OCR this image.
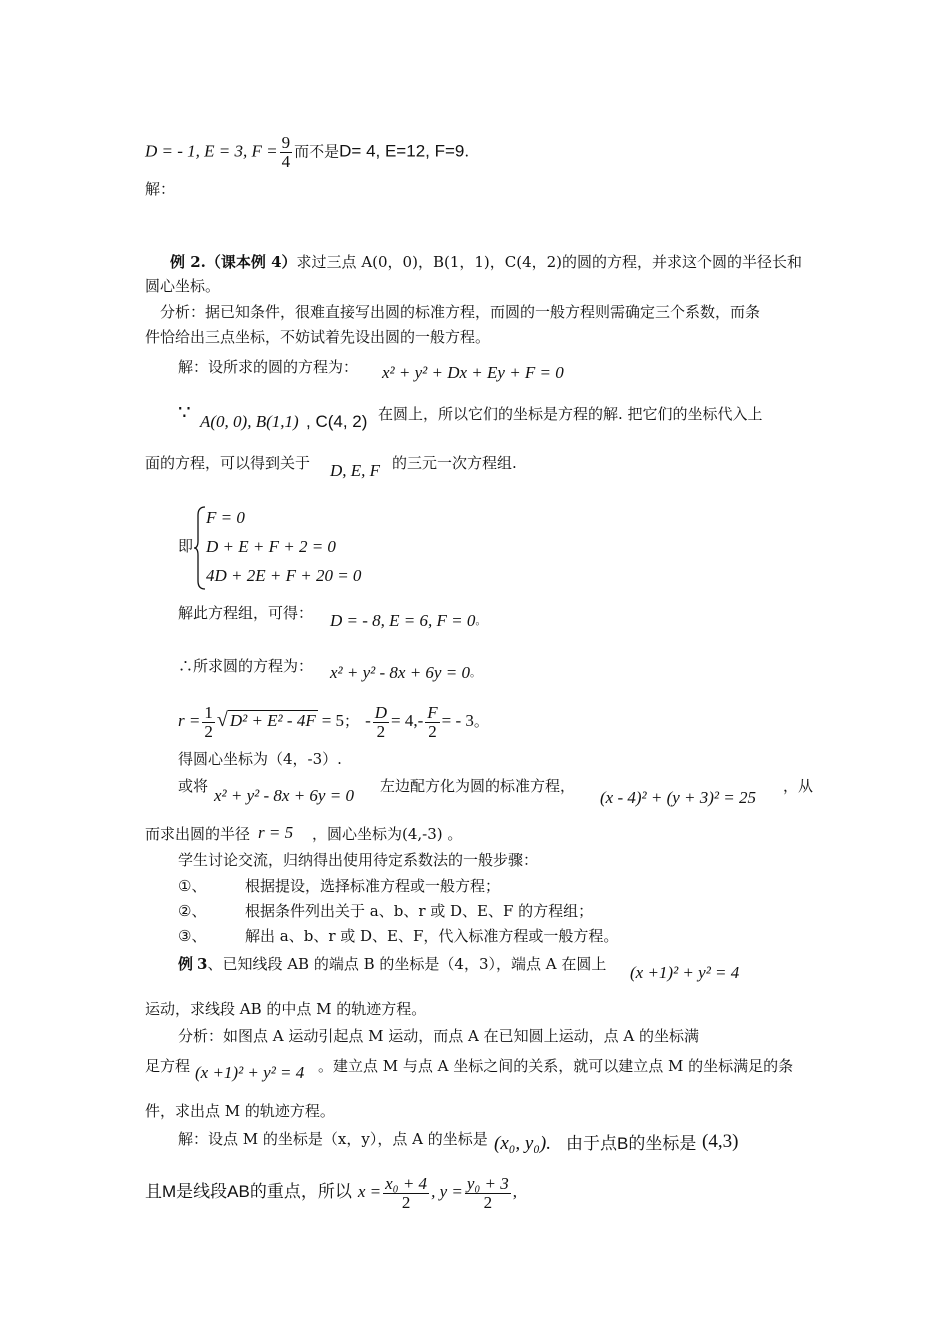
D = - 1, E = 3, $F = \frac{9}{4}$ 而不是D= 4, E=12, F=9.
解：
例 2.（课本例 4）求过三点 A(0，0)，B(1，1)，C(4，2)的圆的方程，并求这个圆的半径长和
圆心坐标。
分析：据已知条件，很难直接写出圆的标准方程，而圆的一般方程则需确定三个系数，而条
件恰给出三点坐标，不妨试着先设出圆的一般方程。
解：设所求的圆的方程为： x² + y² + Dx + Ey + F = 0
∵ A(0, 0), B(1,1) , C(4, 2) 在圆上，所以它们的坐标是方程的解. 把它们的坐标代入上
面的方程，可以得到关于 D, E, F 的三元一次方程组.
即
F = 0
D + E + F + 2 = 0
4D + 2E + F + 20 = 0
解此方程组，可得： D = - 8, E = 6, F = 0。
∴所求圆的方程为： x² + y² - 8x + 6y = 0。
$r = \frac{1}{2}$ √ D² + E² - 4F = 5； - $\frac{D}{2} = 4,- \frac{F}{2}$ = - 3。
得圆心坐标为（4，-3）.
或将 x² + y² - 8x + 6y = 0 左边配方化为圆的标准方程，
(x - 4)² + (y + 3)² = 25
，从
而求出圆的半径 r = 5 ，圆心坐标为(4,-3) 。
学生讨论交流，归纳得出使用待定系数法的一般步骤：
①、	根据提设，选择标准方程或一般方程；
②、	根据条件列出关于 a、b、r 或 D、E、F 的方程组；
③、	解出 a、b、r 或 D、E、F，代入标准方程或一般方程。
例 3、已知线段 AB 的端点 B 的坐标是（4，3），端点 A 在圆上 (x +1)² + y² = 4
运动，求线段 AB 的中点 M 的轨迹方程。
分析：如图点 A 运动引起点 M 运动，而点 A 在已知圆上运动，点 A 的坐标满
足方程 (x +1)² + y² = 4 。建立点 M 与点 A 坐标之间的关系，就可以建立点 M 的坐标满足的条
件，求出点 M 的轨迹方程。
解：设点 M 的坐标是（x，y），点 A 的坐标是 (x₀, y₀). 由于点B的坐标是 (4,3)
且M是线段AB的重点，所以 $x = \frac{\text{x₀ + 4}}{2}$ , $y = \frac{\text{y₀ + 3}}{2}$ ,
